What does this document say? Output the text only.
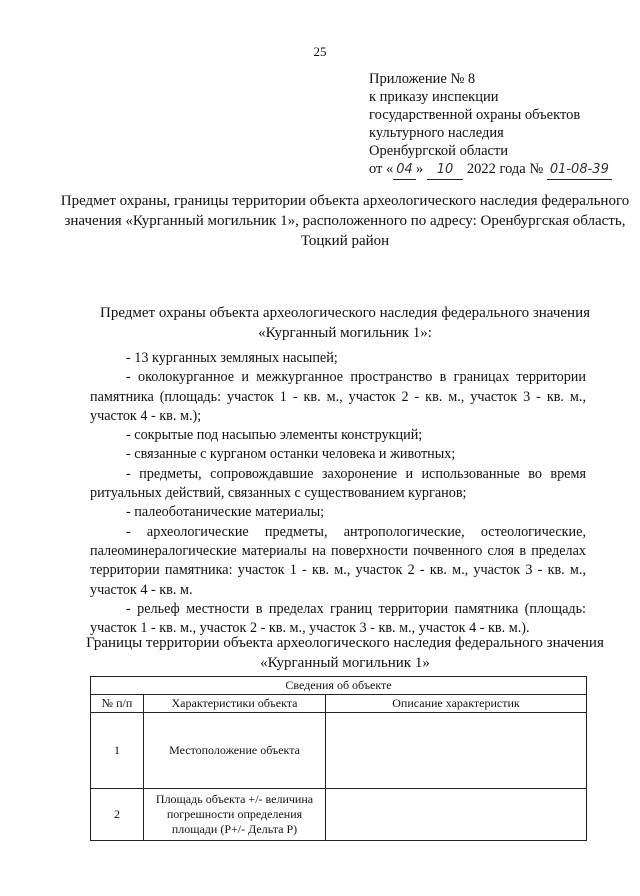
25
Приложение № 8
к приказу инспекции
государственной охраны объектов
культурного наследия
Оренбургской области
от « 04 » 10 2022 года № 01-08-39
Предмет охраны, границы территории объекта археологического наследия федерального значения «Курганный могильник 1», расположенного по адресу: Оренбургская область, Тоцкий район
Предмет охраны объекта археологического наследия федерального значения «Курганный могильник 1»:

- 13 курганных земляных насыпей;

- околокурганное и межкурганное пространство в границах территории памятника (площадь: участок 1 - кв. м., участок 2 - кв. м., участок 3 - кв. м., участок 4 - кв. м.);

- сокрытые под насыпью элементы конструкций;

- связанные с курганом останки человека и животных;

- предметы, сопровождавшие захоронение и использованные во время ритуальных действий, связанных с существованием курганов;

- палеоботанические материалы;

- археологические предметы, антропологические, остеологические, палеоминералогические материалы на поверхности почвенного слоя в пределах территории памятника: участок 1 - кв. м., участок 2 - кв. м., участок 3 - кв. м., участок 4 - кв. м.

- рельеф местности в пределах границ территории памятника (площадь: участок 1 - кв. м., участок 2 - кв. м., участок 3 - кв. м., участок 4 - кв. м.).

Границы территории объекта археологического наследия федерального значения «Курганный могильник 1»
Сведения об объекте		
№ п/п	Характеристики объекта	Описание характеристик
1	Местоположение объекта	
2	Площадь объекта +/- величина погрешности определения площади (P+/- Дельта P)	
